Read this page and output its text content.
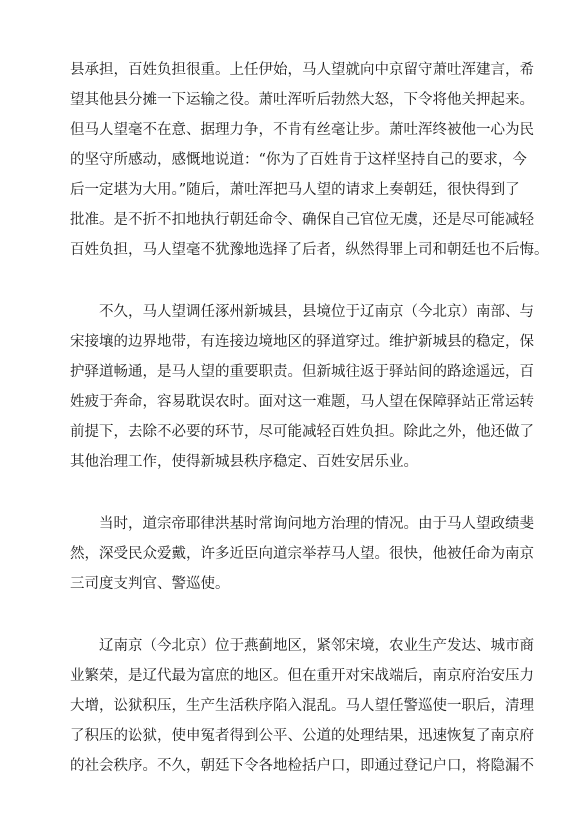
县承担，百姓负担很重。上任伊始，马人望就向中京留守萧吐浑建言，希
望其他县分摊一下运输之役。萧吐浑听后勃然大怒，下令将他关押起来。
但马人望毫不在意、据理力争，不肯有丝毫让步。萧吐浑终被他一心为民
的坚守所感动，感慨地说道：“你为了百姓肯于这样坚持自己的要求，今
后一定堪为大用。”随后，萧吐浑把马人望的请求上奏朝廷，很快得到了
批准。是不折不扣地执行朝廷命令、确保自己官位无虞，还是尽可能减轻
百姓负担，马人望毫不犹豫地选择了后者，纵然得罪上司和朝廷也不后悔。
不久，马人望调任涿州新城县，县境位于辽南京（今北京）南部、与
宋接壤的边界地带，有连接边境地区的驿道穿过。维护新城县的稳定，保
护驿道畅通，是马人望的重要职责。但新城往返于驿站间的路途遥远，百
姓疲于奔命，容易耽误农时。面对这一难题，马人望在保障驿站正常运转
前提下，去除不必要的环节，尽可能减轻百姓负担。除此之外，他还做了
其他治理工作，使得新城县秩序稳定、百姓安居乐业。
当时，道宗帝耶律洪基时常询问地方治理的情况。由于马人望政绩斐
然，深受民众爱戴，许多近臣向道宗举荐马人望。很快，他被任命为南京
三司度支判官、警巡使。
辽南京（今北京）位于燕蓟地区，紧邻宋境，农业生产发达、城市商
业繁荣，是辽代最为富庶的地区。但在重开对宋战端后，南京府治安压力
大增，讼狱积压，生产生活秩序陷入混乱。马人望任警巡使一职后，清理
了积压的讼狱，使申冤者得到公平、公道的处理结果，迅速恢复了南京府
的社会秩序。不久，朝廷下令各地检括户口，即通过登记户口，将隐漏不
